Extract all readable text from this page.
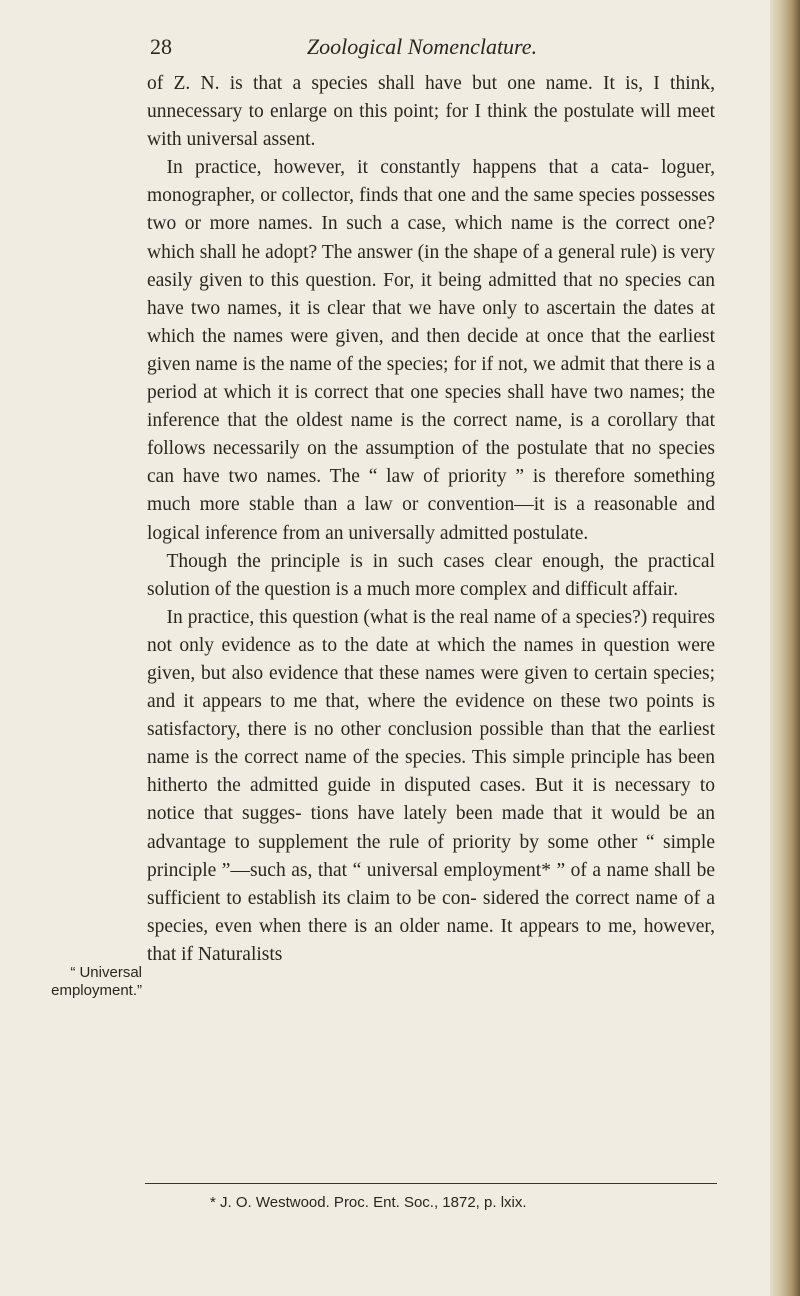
28	Zoological Nomenclature.

of Z. N. is that a species shall have but one name. It is, I think, unnecessary to enlarge on this point; for I think the postulate will meet with universal assent.

In practice, however, it constantly happens that a cata- loguer, monographer, or collector, finds that one and the same species possesses two or more names. In such a case, which name is the correct one? which shall he adopt? The answer (in the shape of a general rule) is very easily given to this question. For, it being admitted that no species can have two names, it is clear that we have only to ascertain the dates at which the names were given, and then decide at once that the earliest given name is the name of the species; for if not, we admit that there is a period at which it is correct that one species shall have two names; the inference that the oldest name is the correct name, is a corollary that follows necessarily on the assumption of the postulate that no species can have two names. The “ law of priority ” is therefore something much more stable than a law or convention—it is a reasonable and logical inference from an universally admitted postulate.

Though the principle is in such cases clear enough, the practical solution of the question is a much more complex and difficult affair.

In practice, this question (what is the real name of a species?) requires not only evidence as to the date at which the names in question were given, but also evidence that these names were given to certain species; and it appears to me that, where the evidence on these two points is satisfactory, there is no other conclusion possible than that the earliest name is the correct name of the species. This simple principle has been hitherto the admitted guide in disputed cases. But it is necessary to notice that sugges- tions have lately been made that it would be an advantage to supplement the rule of priority by some other “ simple principle ”—such as, that “ universal employment* ” of a name shall be sufficient to establish its claim to be con- sidered the correct name of a species, even when there is an older name. It appears to me, however, that if Naturalists

“ Universal employment.”
* J. O. Westwood. Proc. Ent. Soc., 1872, p. lxix.
